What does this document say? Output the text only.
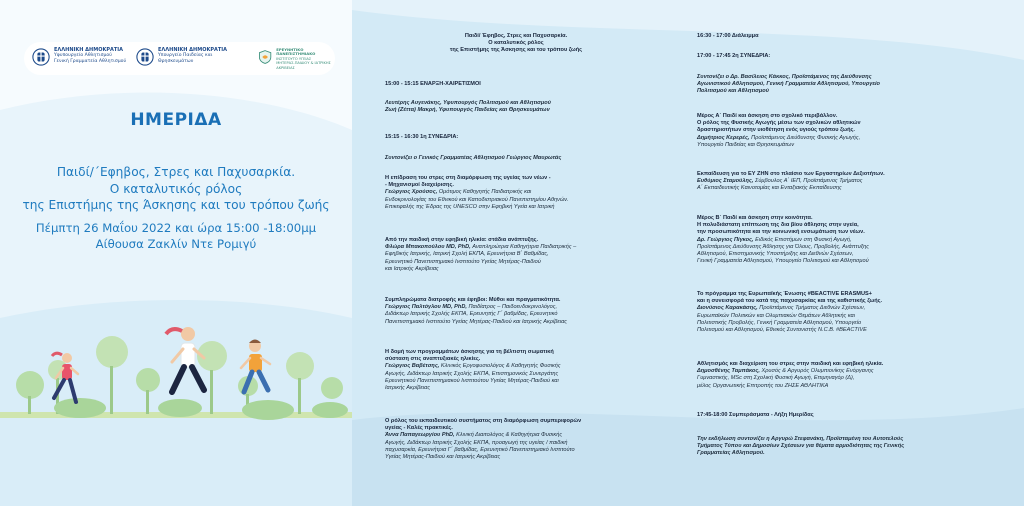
ΕΛΛΗΝΙΚΗ ΔΗΜΟΚΡΑΤΙΑ
Υφυπουργείο Αθλητισμού
Γενική Γραμματεία Αθλητισμού
ΕΛΛΗΝΙΚΗ ΔΗΜΟΚΡΑΤΙΑ
Υπουργείο Παιδείας και
Θρησκευμάτων
ΕΡΕΥΝΗΤΙΚΟ ΠΑΝΕΠΙΣΤΗΜΙΑΚΟ
ΙΝΣΤΙΤΟΥΤΟ ΥΓΕΙΑΣ
ΜΗΤΕΡΑΣ-ΠΑΙΔΙΟΥ & ΙΑΤΡΙΚΗΣ ΑΚΡΙΒΕΙΑΣ
ΗΜΕΡΙΔΑ
Παιδί/΄Εφηβος, Στρες και Παχυσαρκία.
Ο καταλυτικός ρόλος
της Επιστήμης της Άσκησης και του τρόπου ζωής
Πέμπτη 26 Μαΐου 2022 και ώρα 15:00 -18:00μμ
Αίθουσα Ζακλίν Ντε Ρομιγύ
Παιδί/ Έφηβος, Στρες και Παχυσαρκία.
Ο καταλυτικός ρόλος
της Επιστήμης της Άσκησης και του τρόπου ζωής
15:00 - 15:15 ΕΝΑΡΞΗ-ΧΑΙΡΕΤΙΣΜΟΙ
Λευτέρης Αυγενάκης, Υφυπουργός Πολιτισμού και Αθλητισμού
Ζωή (Ζέττα) Μακρή, Υφυπουργός Παιδείας και Θρησκευμάτων
15:15 - 16:30 1η ΣΥΝΕΔΡΙΑ:
Συντονίζει ο Γενικός Γραμματέας Αθλητισμού Γεώργιος Μαυρωτάς
Η επίδραση του στρες στη διαμόρφωση της υγείας των νέων -
- Μηχανισμοί διαχείρισης.
Γεώργιος Χρούσος, Ομότιμος Καθηγητής Παιδιατρικής και
Ενδοκρινολογίας του Εθνικού και Καποδιστριακού Πανεπιστημίου Αθηνών.
Επικεφαλής της Έδρας της UNESCO στην Εφηβική Υγεία και Ιατρική
Από την παιδική στην εφηβική ηλικία: στάδια ανάπτυξης.
Φλώρα Μπακοπούλου MD, PhD, Αναπληρώτρια Καθηγήτρια Παιδιατρικής –
Εφηβικής Ιατρικής, Ιατρική Σχολή ΕΚΠΑ, Ερευνήτρια Β΄ Βαθμίδας,
Ερευνητικό Πανεπιστημιακό Ινστιτούτο Υγείας Μητέρας-Παιδιού
και Ιατρικής Ακρίβειας
Συμπληρώματα διατροφής και έφηβοι: Μύθοι και πραγματικότητα.
Γεώργιος Παλτόγλου MD, PhD, Παιδίατρος – Παιδοενδοκρινολόγος,
Διδάκτωρ Ιατρικής Σχολής ΕΚΠΑ, Ερευνητής Γ΄ βαθμίδας, Ερευνητικό
Πανεπιστημιακό Ινστιτούτο Υγείας Μητέρας-Παιδιού και Ιατρικής Ακρίβειας
Η δομή των προγραμμάτων άσκησης για τη βέλτιστη σωματική
σύσταση στις αναπτυξιακές ηλικίες.
Γεώργιος Βαβέτσης, Κλινικός Εργοφυσιολόγος & Καθηγητής Φυσικής
Αγωγής, Διδάκτωρ Ιατρικής Σχολής ΕΚΠΑ, Επιστημονικός Συνεργάτης
Ερευνητικού Πανεπιστημιακού Ινστιτούτου Υγείας Μητέρας-Παιδιού και
Ιατρικής Ακρίβειας
Ο ρόλος του εκπαιδευτικού συστήματος στη διαμόρφωση συμπεριφορών
υγείας - Καλές πρακτικές.
Άννα Παπαγεωργίου PhD, Κλινική Διαιτολόγος & Καθηγήτρια Φυσικής
Αγωγής, Διδάκτωρ Ιατρικής Σχολής ΕΚΠΑ, προαγωγή της υγείας / παιδική
παχυσαρκία, Ερευνήτρια Γ΄ βαθμίδας, Ερευνητικό Πανεπιστημιακό Ινστιτούτο
Υγείας Μητέρας-Παιδιού και Ιατρικής Ακρίβειας
16:30 - 17:00 Διάλειμμα
17:00 - 17:45 2η ΣΥΝΕΔΡΙΑ:
Συντονίζει ο Δρ. Βασίλειος Κάκκος, Προϊστάμενος της Διεύθυνσης
Αγωνιστικού Αθλητισμού, Γενική Γραμματεία Αθλητισμού, Υπουργείο
Πολιτισμού και Αθλητισμού
Μέρος Α΄ Παιδί και άσκηση στο σχολικό περιβάλλον.
Ο ρόλος της Φυσικής Αγωγής μέσω των σχολικών αθλητικών
δραστηριοτήτων στην υιοθέτηση ενός υγιούς τρόπου ζωής.
Δημήτριος Κερερές, Προϊστάμενος Διεύθυνσης Φυσικής Αγωγής,
Υπουργείο Παιδείας και Θρησκευμάτων
Εκπαίδευση για το ΕΥ ΖΗΝ στο πλαίσιο των Εργαστηρίων Δεξιοτήτων.
Ευθύμιος Σταμούλης, Σύμβουλος Α΄ ΙΕΠ, Προϊστάμενος Τμήματος
Α΄ Εκπαιδευτικής Καινοτομίας και Ενταξιακής Εκπαίδευσης
Μέρος Β΄ Παιδί και άσκηση στην κοινότητα.
Η πολυδιάστατη επίπτωση της δια βίου άθλησης στην υγεία,
την προσωπικότητα και την κοινωνική ενσωμάτωση των νέων.
Δρ. Γεώργιος Πίγκος, Ειδικός Επιστήμων στη Φυσική Αγωγή,
Προϊστάμενος Διεύθυνσης Άθλησης για Όλους, Προβολής, Ανάπτυξης
Αθλητισμού, Επιστημονικής Υποστήριξης και Διεθνών Σχέσεων,
Γενική Γραμματεία Αθλητισμού, Υπουργείο Πολιτισμού και Αθλητισμού
Το πρόγραμμα της Ευρωπαϊκής Ένωσης #BEACTIVE ERASMUS+
και η συνεισφορά του κατά της παχυσαρκίας και της καθιστικής ζωής.
Διονύσιος Καρακάσης, Προϊστάμενος Τμήματος Διεθνών Σχέσεων,
Ευρωπαϊκών Πολιτικών και Ολυμπιακών Θεμάτων Αθλητικής και
Πολιτιστικής Προβολής, Γενική Γραμματεία Αθλητισμού, Υπουργείο
Πολιτισμού και Αθλητισμού, Εθνικός Συντονιστής N.C.B. #BEACTIVE
Αθλητισμός και διαχείριση του στρες στην παιδική και εφηβική ηλικία.
Δημοσθένης Ταμπάκος, Χρυσός & Αργυρός Ολυμπιονίκης Ενόργανης
Γυμναστικής, MSc στη Σχολική Φυσική Αγωγή, Επιμηναγόρ (Δ),
μέλος Οργανωτικής Επιτροπής του ΖΗΣΕ ΑΘΛΗΤΙΚΑ
17:45-18:00 Συμπεράσματα - Λήξη Ημερίδας
Την εκδήλωση συντονίζει η Αργυρώ Στεφανάκη, Προϊσταμένη του Αυτοτελούς
Τμήματος Τύπου και Δημοσίων Σχέσεων για θέματα αρμοδιότητας της Γενικής
Γραμματείας Αθλητισμού.
